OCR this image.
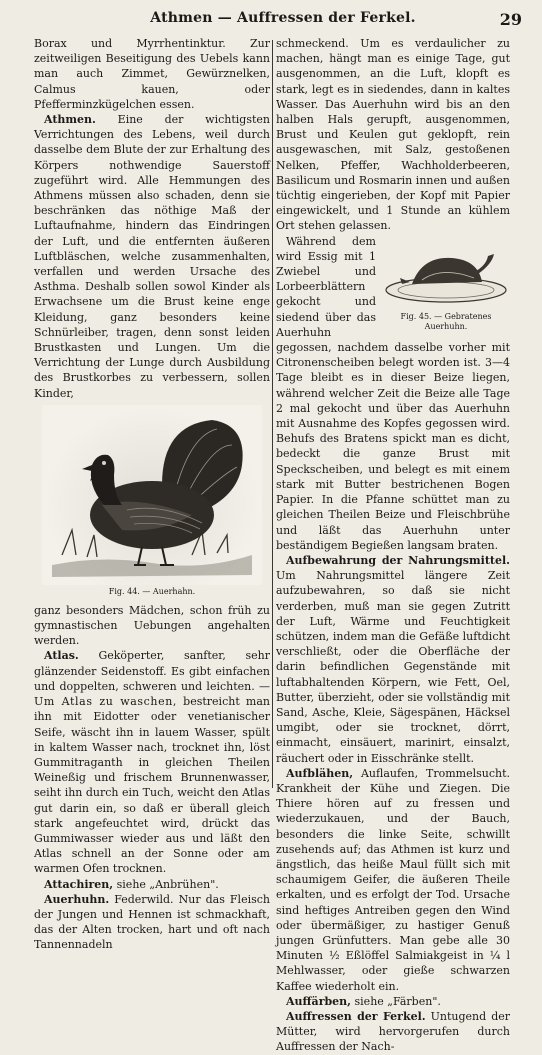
Athmen — Auffressen der Ferkel.	29

Borax und Myrrhentinktur. Zur zeitweiligen Beseitigung des Uebels kann man auch Zimmet, Gewürznelken, Calmus kauen, oder Pfefferminzkügelchen essen.

Athmen. Eine der wichtigsten Verrichtungen des Lebens, weil durch dasselbe dem Blute der zur Erhaltung des Körpers nothwendige Sauerstoff zugeführt wird. Alle Hemmungen des Athmens müssen also schaden, denn sie beschränken das nöthige Maß der Luftaufnahme, hindern das Eindringen der Luft, und die entfernten äußeren Luftbläschen, welche zusammenhalten, verfallen und werden Ursache des Asthma. Deshalb sollen sowol Kinder als Erwachsene um die Brust keine enge Kleidung, ganz besonders keine Schnürleiber, tragen, denn sonst leiden Brustkasten und Lungen. Um die Verrichtung der Lunge durch Ausbildung des Brustkorbes zu verbessern, sollen Kinder,

Fig. 44. — Auerhahn.

ganz besonders Mädchen, schon früh zu gymnastischen Uebungen angehalten werden.

Atlas. Geköperter, sanfter, sehr glänzender Seidenstoff. Es gibt einfachen und doppelten, schweren und leichten. — Um Atlas zu waschen, bestreicht man ihn mit Eidotter oder venetianischer Seife, wäscht ihn in lauem Wasser, spült in kaltem Wasser nach, trocknet ihn, löst Gummitraganth in gleichen Theilen Weineßig und frischem Brunnenwasser, seiht ihn durch ein Tuch, weicht den Atlas gut darin ein, so daß er überall gleich stark angefeuchtet wird, drückt das Gummiwasser wieder aus und läßt den Atlas schnell an der Sonne oder am warmen Ofen trocknen.

Attachiren, siehe „Anbrühen".

Auerhuhn. Federwild. Nur das Fleisch der Jungen und Hennen ist schmackhaft, das der Alten trocken, hart und oft nach Tannennadeln

schmeckend. Um es verdaulicher zu machen, hängt man es einige Tage, gut ausgenommen, an die Luft, klopft es stark, legt es in siedendes, dann in kaltes Wasser. Das Auerhuhn wird bis an den halben Hals gerupft, ausgenommen, Brust und Keulen gut geklopft, rein ausgewaschen, mit Salz, gestoßenen Nelken, Pfeffer, Wachholderbeeren, Basilicum und Rosmarin innen und außen tüchtig eingerieben, der Kopf mit Papier eingewickelt, und 1 Stunde an kühlem Ort stehen gelassen.

Fig. 45. — Gebratenes Auerhuhn.

Während dem wird Essig mit 1 Zwiebel und Lorbeerblättern gekocht und siedend über das Auerhuhn gegossen, nachdem dasselbe vorher mit Citronenscheiben belegt worden ist. 3—4 Tage bleibt es in dieser Beize liegen, während welcher Zeit die Beize alle Tage 2 mal gekocht und über das Auerhuhn mit Ausnahme des Kopfes gegossen wird. Behufs des Bratens spickt man es dicht, bedeckt die ganze Brust mit Speckscheiben, und belegt es mit einem stark mit Butter bestrichenen Bogen Papier. In die Pfanne schüttet man zu gleichen Theilen Beize und Fleischbrühe und läßt das Auerhuhn unter beständigem Begießen langsam braten.

Aufbewahrung der Nahrungsmittel. Um Nahrungsmittel längere Zeit aufzubewahren, so daß sie nicht verderben, muß man sie gegen Zutritt der Luft, Wärme und Feuchtigkeit schützen, indem man die Gefäße luftdicht verschließt, oder die Oberfläche der darin befindlichen Gegenstände mit luftabhaltenden Körpern, wie Fett, Oel, Butter, überzieht, oder sie vollständig mit Sand, Asche, Kleie, Sägespänen, Häcksel umgibt, oder sie trocknet, dörrt, einmacht, einsäuert, marinirt, einsalzt, räuchert oder in Eisschränke stellt.

Aufblähen, Auflaufen, Trommelsucht. Krankheit der Kühe und Ziegen. Die Thiere hören auf zu fressen und wiederzukauen, und der Bauch, besonders die linke Seite, schwillt zusehends auf; das Athmen ist kurz und ängstlich, das heiße Maul füllt sich mit schaumigem Geifer, die äußeren Theile erkalten, und es erfolgt der Tod. Ursache sind heftiges Antreiben gegen den Wind oder übermäßiger, zu hastiger Genuß jungen Grünfutters. Man gebe alle 30 Minuten ½ Eßlöffel Salmiakgeist in ¼ l Mehlwasser, oder gieße schwarzen Kaffee wiederholt ein.

Auffärben, siehe „Färben".

Auffressen der Ferkel. Untugend der Mütter, wird hervorgerufen durch Auffressen der Nach-
